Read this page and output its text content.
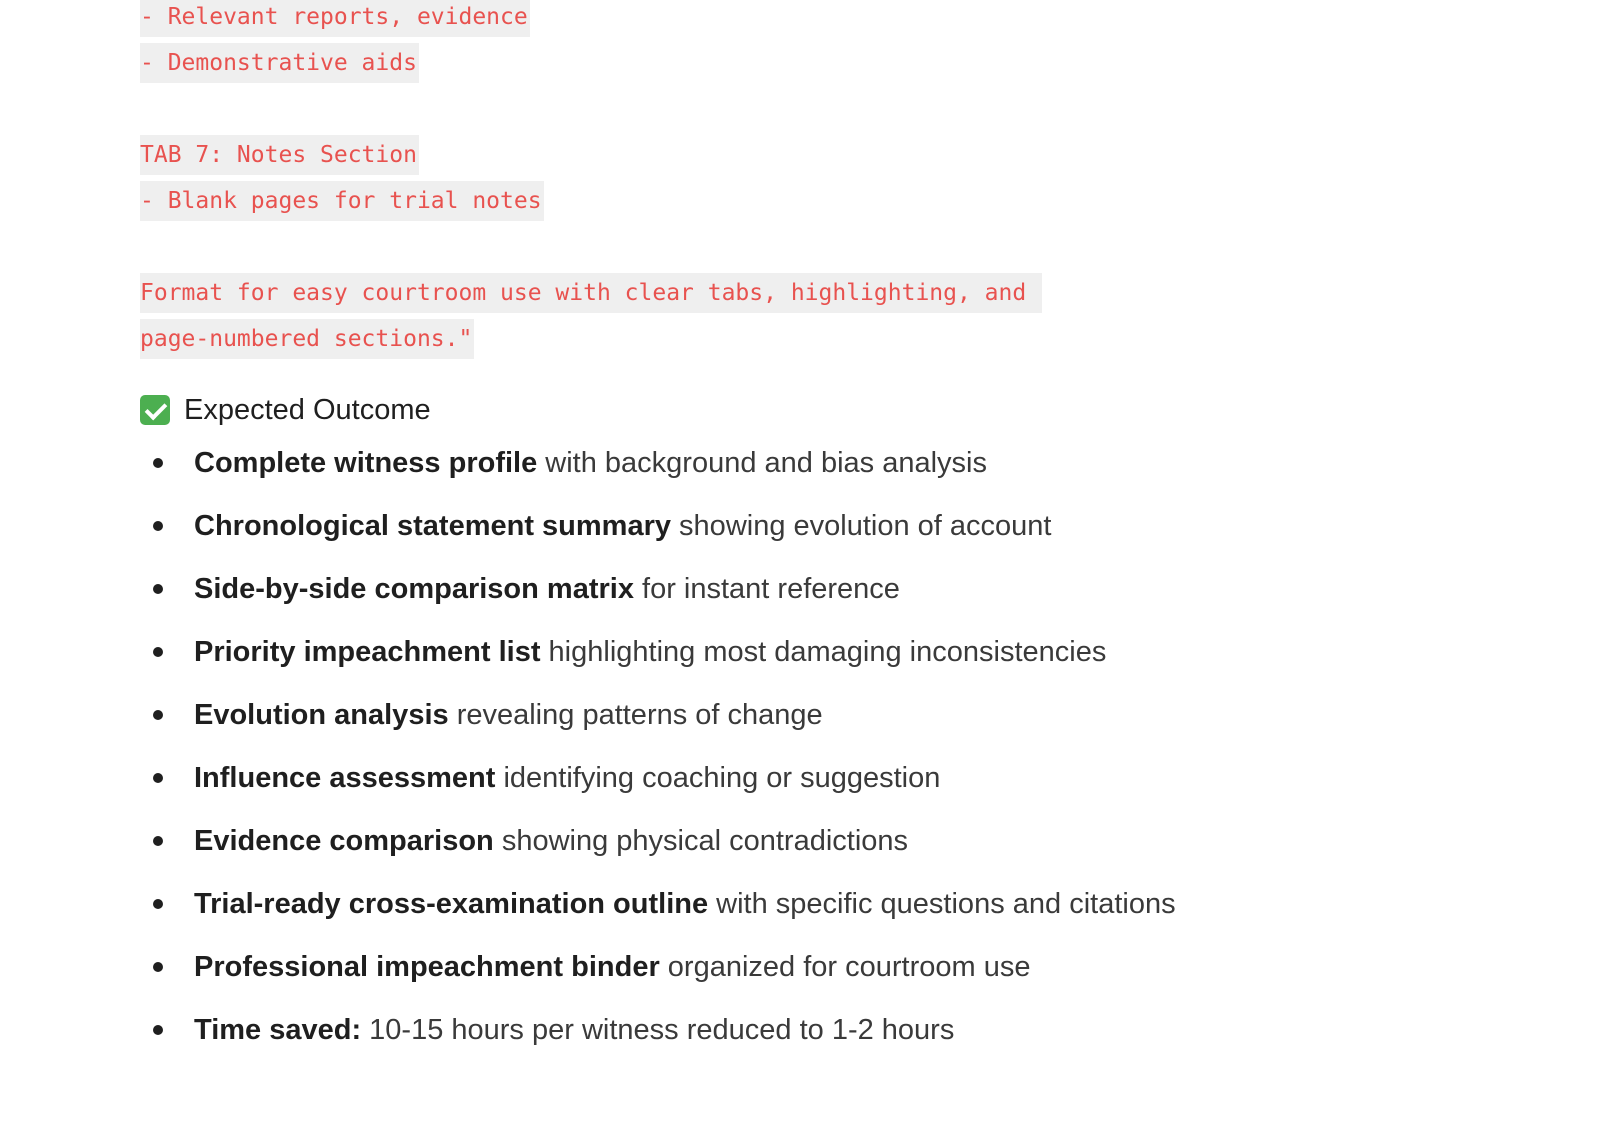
- Relevant reports, evidence
- Demonstrative aids
TAB 7: Notes Section
- Blank pages for trial notes
Format for easy courtroom use with clear tabs, highlighting, and
page-numbered sections."
Expected Outcome
Complete witness profile with background and bias analysis
Chronological statement summary showing evolution of account
Side-by-side comparison matrix for instant reference
Priority impeachment list highlighting most damaging inconsistencies
Evolution analysis revealing patterns of change
Influence assessment identifying coaching or suggestion
Evidence comparison showing physical contradictions
Trial-ready cross-examination outline with specific questions and citations
Professional impeachment binder organized for courtroom use
Time saved: 10-15 hours per witness reduced to 1-2 hours
